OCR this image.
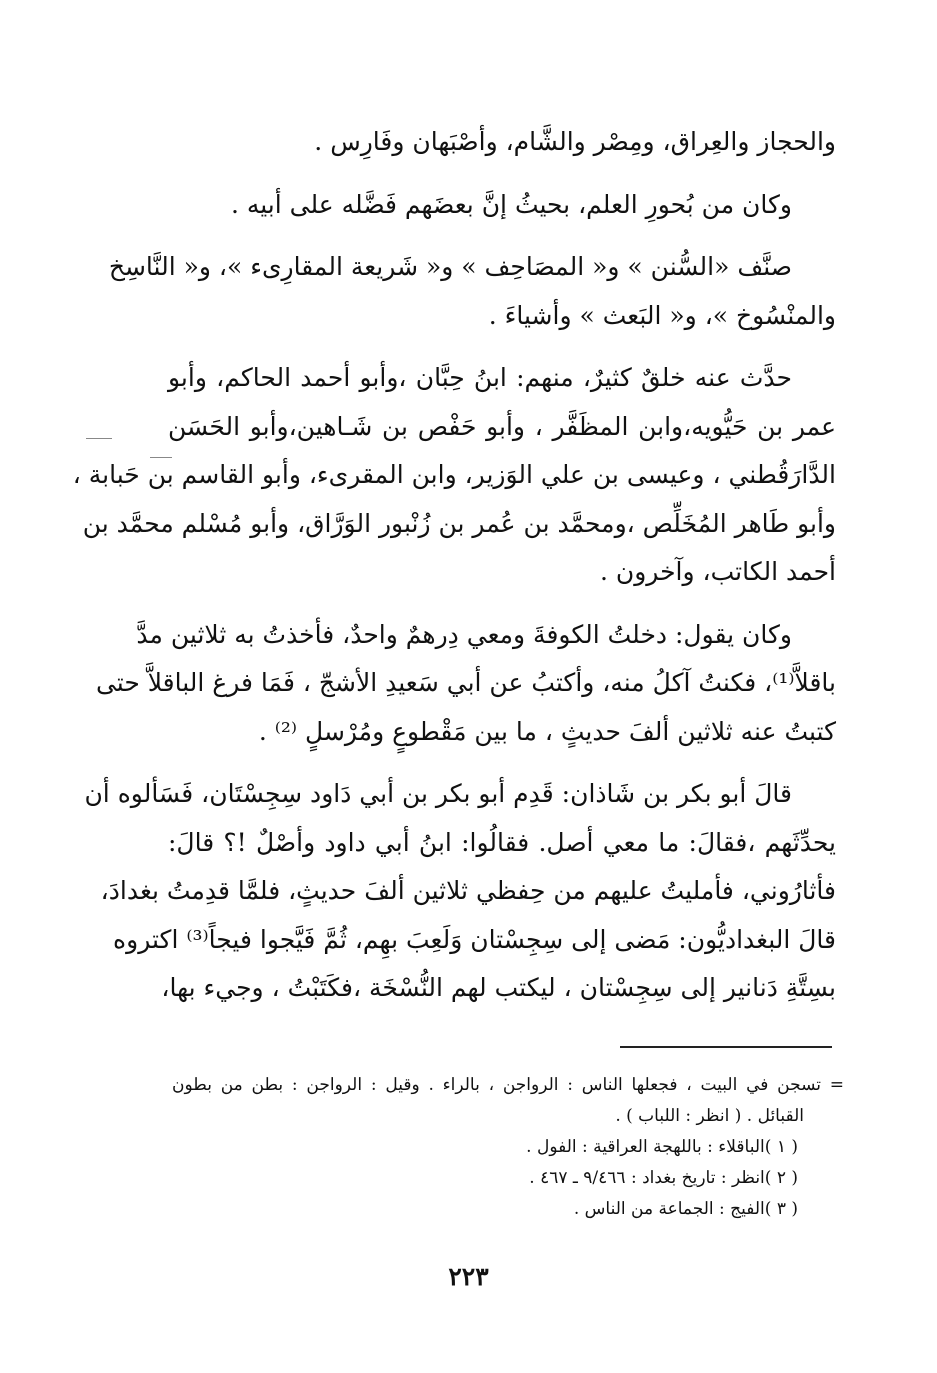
والحجاز والعِراق، ومِصْر والشَّام، وأصْبَهان وفَارِس .
وكان من بُحورِ العلم، بحيثُ إنَّ بعضَهم فَضَّله على أبيه .
صنَّف «السُّنن » و« المصَاحِف » و« شَريعة المقارِىء »، و« النَّاسِخ
والمنْسُوخ »، و« البَعث » وأشياءَ .
حدَّث عنه خلقٌ كثيرٌ، منهم: ابنُ حِبَّان ،وأبو أحمد الحاكم، وأبو
عمر بن حَيُّويه،وابن المظَفَّر ، وأبو حَفْص بن شَـاهين،وأبو الحَسَن
الدَّارَقُطني ، وعيسى بن علي الوَزير، وابن المقرىء، وأبو القاسم بن حَبابة ،
وأبو طَاهر المُخَلِّص ،ومحمَّد بن عُمر بن زُنْبور الوَرَّاق، وأبو مُسْلم محمَّد بن
أحمد الكاتب، وآخرون .
وكان يقول: دخلتُ الكوفةَ ومعي دِرهمٌ واحدٌ، فأخذتُ به ثلاثين مدَّ
باقلاَّ⁽¹⁾، فكنتُ آكلُ منه، وأكتبُ عن أبي سَعيدِ الأشجّ ، فَمَا فرغ الباقلاَّ حتى
كتبتُ عنه ثلاثين ألفَ حديثٍ ، ما بين مَقْطوعٍ ومُرْسلٍ ⁽²⁾ .
قالَ أبو بكر بن شَاذان: قَدِم أبو بكر بن أبي دَاود سِجِسْتَان، فَسَألوه أن
يحدِّثَهم ،فقالَ: ما معي أصل. فقالُوا: ابنُ أبي داود وأصْلٌ !؟ قالَ:
فأثارُوني، فأمليتُ عليهم من حِفظي ثلاثين ألفَ حديثٍ، فلمَّا قدِمتُ بغدادَ،
قالَ البغداديُّون: مَضى إلى سِجِسْتان وَلَعِبَ بهِم، ثُمَّ فَيَّجوا فيجاً⁽³⁾ اكتروه
بسِتَّةِ دَنانير إلى سِجِسْتان ، ليكتب لهم النُّسْخَة ،فكَتَبْتُ ، وجيء بها،
= تسجن في البيت ، فجعلها الناس : الرواجن ، بالراء . وقيل : الرواجن : بطن من بطون
القبائل . ( انظر : اللباب ) .
( ١ )الباقلاء : باللهجة العراقية : الفول .
( ٢ )انظر : تاريخ بغداد : ٩/٤٦٦ ـ ٤٦٧ .
( ٣ )الفيج : الجماعة من الناس .
٢٢٣
